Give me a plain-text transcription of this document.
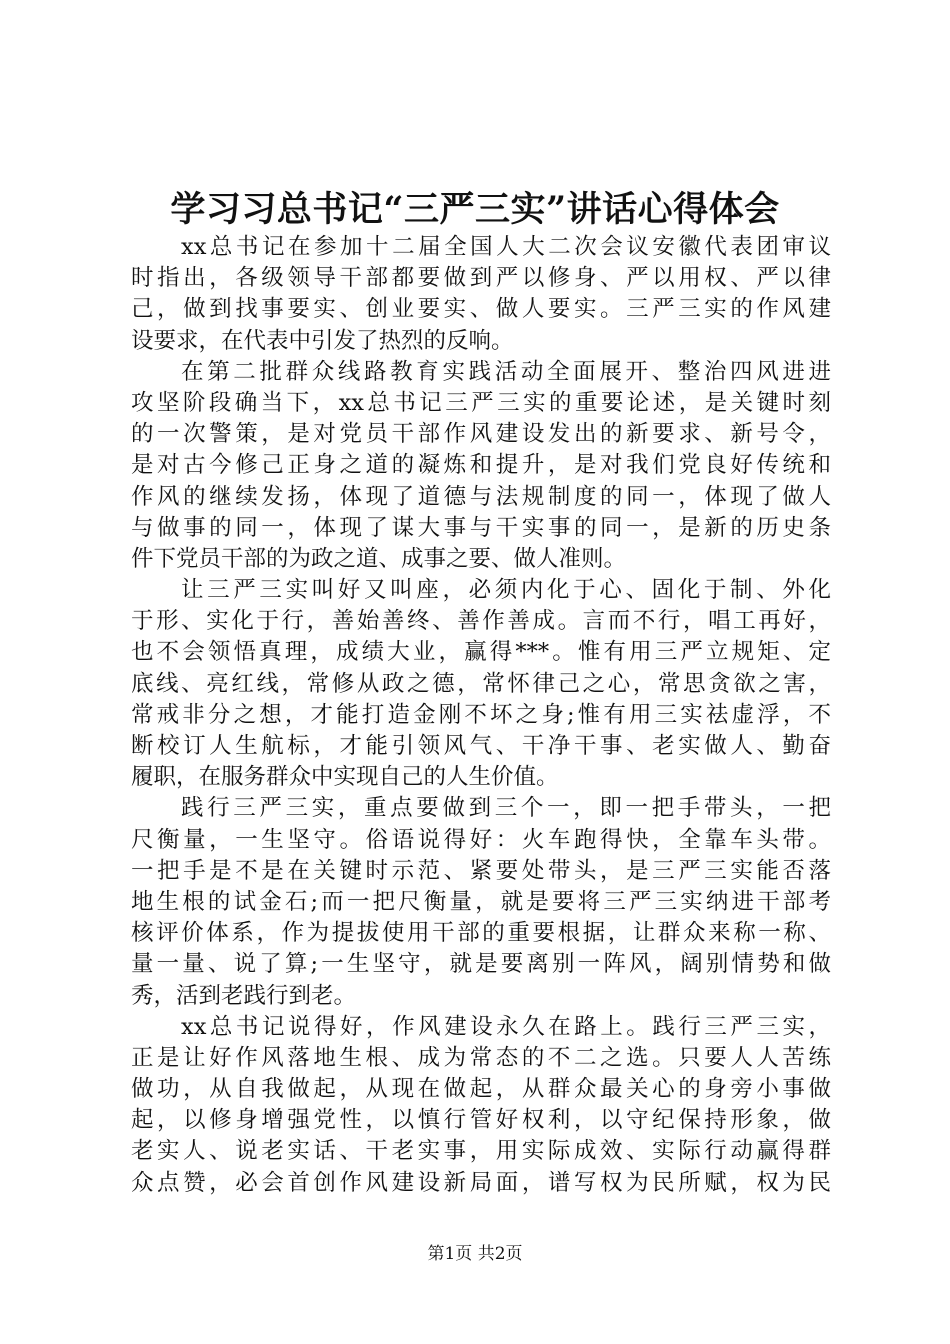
学习习总书记“三严三实”讲话心得体会
xx总书记在参加十二届全国人大二次会议安徽代表团审议
时指出，各级领导干部都要做到严以修身、严以用权、严以律
己，做到找事要实、创业要实、做人要实。三严三实的作风建
设要求，在代表中引发了热烈的反响。
在第二批群众线路教育实践活动全面展开、整治四风进进
攻坚阶段确当下，xx总书记三严三实的重要论述，是关键时刻
的一次警策，是对党员干部作风建设发出的新要求、新号令，
是对古今修己正身之道的凝炼和提升，是对我们党良好传统和
作风的继续发扬，体现了道德与法规制度的同一，体现了做人
与做事的同一，体现了谋大事与干实事的同一，是新的历史条
件下党员干部的为政之道、成事之要、做人准则。
让三严三实叫好又叫座，必须内化于心、固化于制、外化
于形、实化于行，善始善终、善作善成。言而不行，唱工再好，
也不会领悟真理，成绩大业，赢得***。惟有用三严立规矩、定
底线、亮红线，常修从政之德，常怀律己之心，常思贪欲之害，
常戒非分之想，才能打造金刚不坏之身;惟有用三实祛虚浮，不
断校订人生航标，才能引领风气、干净干事、老实做人、勤奋
履职，在服务群众中实现自己的人生价值。
践行三严三实，重点要做到三个一，即一把手带头，一把
尺衡量，一生坚守。俗语说得好：火车跑得快，全靠车头带。
一把手是不是在关键时示范、紧要处带头，是三严三实能否落
地生根的试金石;而一把尺衡量，就是要将三严三实纳进干部考
核评价体系，作为提拔使用干部的重要根据，让群众来称一称、
量一量、说了算;一生坚守，就是要离别一阵风，阔别情势和做
秀，活到老践行到老。
xx总书记说得好，作风建设永久在路上。践行三严三实，
正是让好作风落地生根、成为常态的不二之选。只要人人苦练
做功，从自我做起，从现在做起，从群众最关心的身旁小事做
起，以修身增强党性，以慎行管好权利，以守纪保持形象，做
老实人、说老实话、干老实事，用实际成效、实际行动赢得群
众点赞，必会首创作风建设新局面，谱写权为民所赋，权为民
第1页 共2页
